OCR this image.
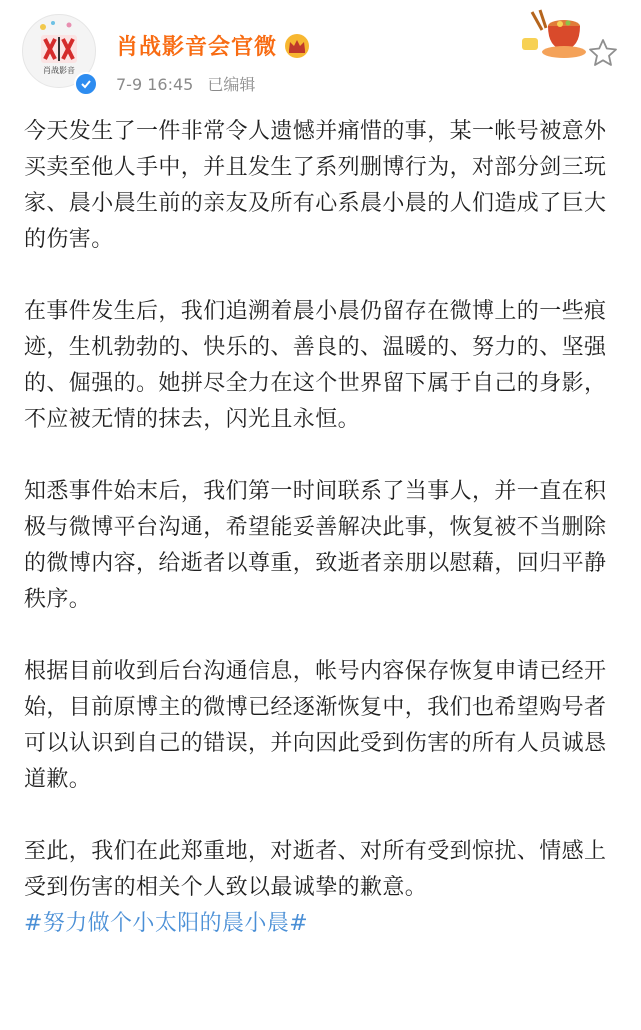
肖战影音
肖战影音会官微
7-9 16:45 已编辑

今天发生了一件非常令人遗憾并痛惜的事，某一帐号被意外买卖至他人手中，并且发生了系列删博行为，对部分剑三玩家、晨小晨生前的亲友及所有心系晨小晨的人们造成了巨大的伤害。

在事件发生后，我们追溯着晨小晨仍留存在微博上的一些痕迹，生机勃勃的、快乐的、善良的、温暖的、努力的、坚强的、倔强的。她拼尽全力在这个世界留下属于自己的身影，不应被无情的抹去，闪光且永恒。

知悉事件始末后，我们第一时间联系了当事人，并一直在积极与微博平台沟通，希望能妥善解决此事，恢复被不当删除的微博内容，给逝者以尊重，致逝者亲朋以慰藉，回归平静秩序。

根据目前收到后台沟通信息，帐号内容保存恢复申请已经开始，目前原博主的微博已经逐渐恢复中，我们也希望购号者可以认识到自己的错误，并向因此受到伤害的所有人员诚恳道歉。

至此，我们在此郑重地，对逝者、对所有受到惊扰、情感上受到伤害的相关个人致以最诚挚的歉意。

#努力做个小太阳的晨小晨#
